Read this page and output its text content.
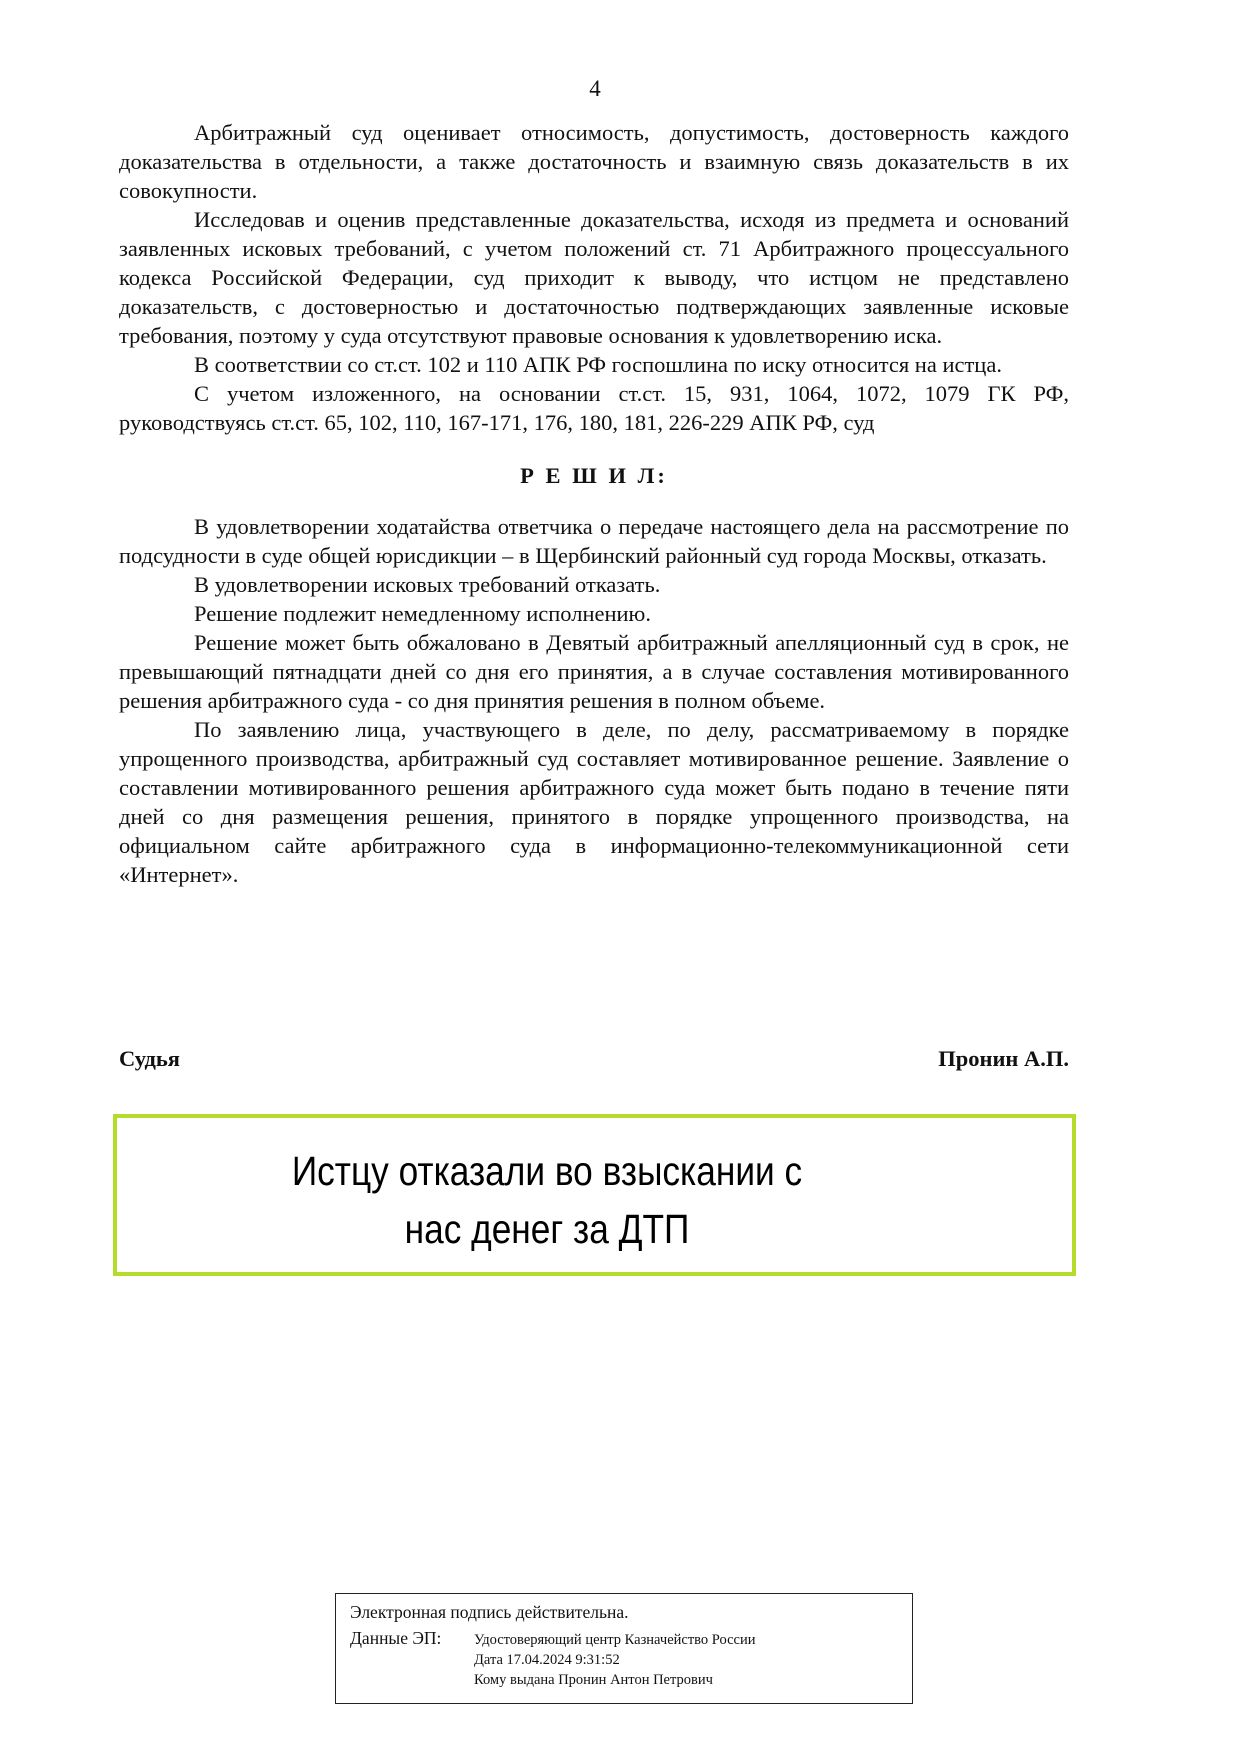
4

Арбитражный суд оценивает относимость, допустимость, достоверность каждого доказательства в отдельности, а также достаточность и взаимную связь доказательств в их совокупности.

Исследовав и оценив представленные доказательства, исходя из предмета и оснований заявленных исковых требований, с учетом положений ст. 71 Арбитражного процессуального кодекса Российской Федерации, суд приходит к выводу, что истцом не представлено доказательств, с достоверностью и достаточностью подтверждающих заявленные исковые требования, поэтому у суда отсутствуют правовые основания к удовлетворению иска.

В соответствии со ст.ст. 102 и 110 АПК РФ госпошлина по иску относится на истца.

С учетом изложенного, на основании ст.ст. 15, 931, 1064, 1072, 1079 ГК РФ, руководствуясь ст.ст. 65, 102, 110, 167-171, 176, 180, 181, 226-229 АПК РФ, суд

Р Е Ш И Л:

В удовлетворении ходатайства ответчика о передаче настоящего дела на рассмотрение по подсудности в суде общей юрисдикции – в Щербинский районный суд города Москвы, отказать.

В удовлетворении исковых требований отказать.

Решение подлежит немедленному исполнению.

Решение может быть обжаловано в Девятый арбитражный апелляционный суд в срок, не превышающий пятнадцати дней со дня его принятия, а в случае составления мотивированного решения арбитражного суда - со дня принятия решения в полном объеме.

По заявлению лица, участвующего в деле, по делу, рассматриваемому в порядке упрощенного производства, арбитражный суд составляет мотивированное решение. Заявление о составлении мотивированного решения арбитражного суда может быть подано в течение пяти дней со дня размещения решения, принятого в порядке упрощенного производства, на официальном сайте арбитражного суда в информационно-телекоммуникационной сети «Интернет».

Судья	Пронин А.П.
Истцу отказали во взыскании с
нас денег за ДТП
Электронная подпись действительна.
Данные ЭП:	Удостоверяющий центр Казначейство России
Дата 17.04.2024 9:31:52
Кому выдана Пронин Антон Петрович
